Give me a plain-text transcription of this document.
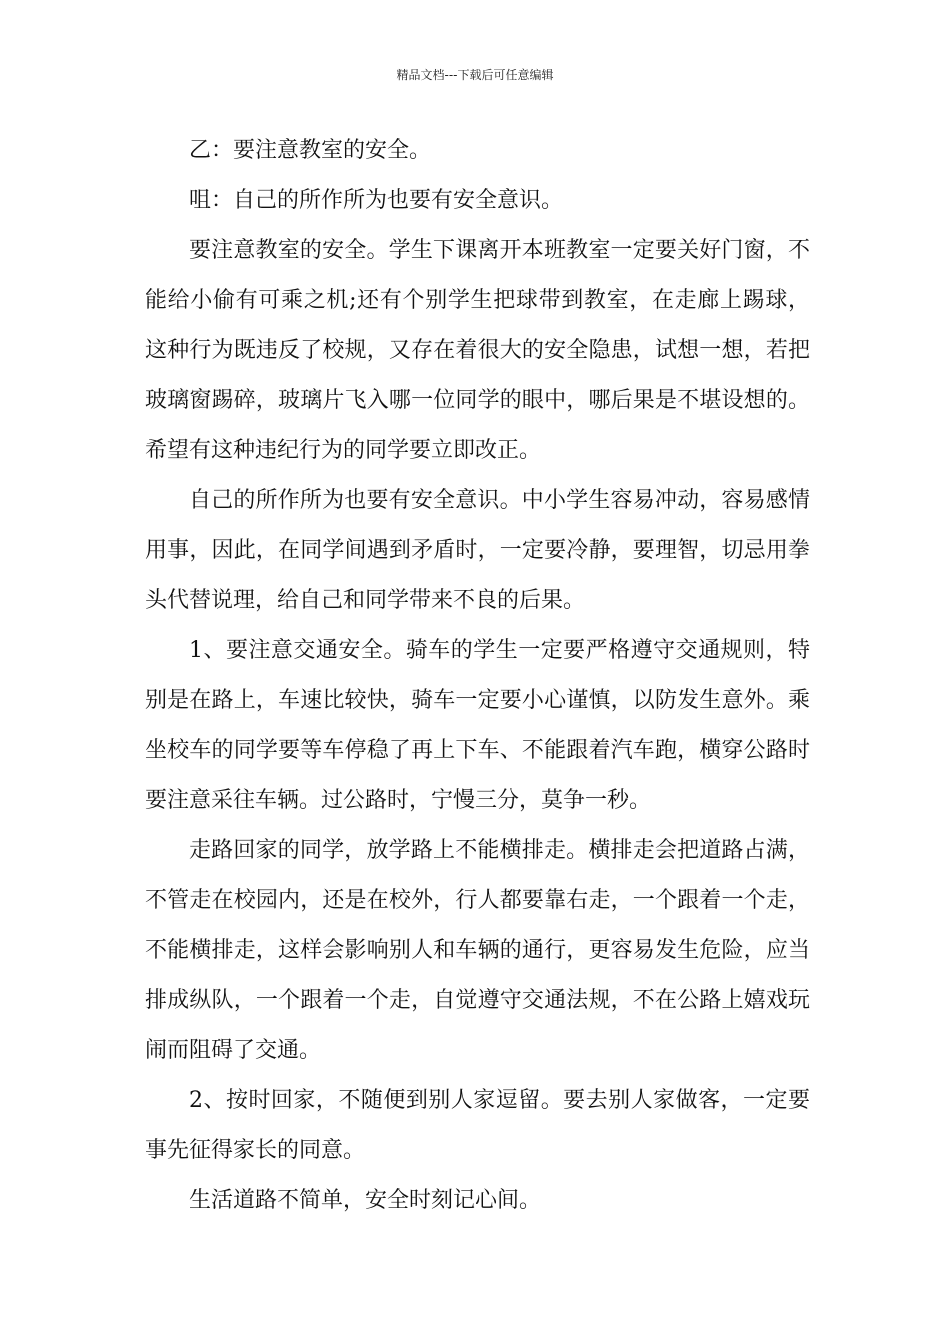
精品文档---下载后可任意编辑

乙：要注意教室的安全。

咀：自己的所作所为也要有安全意识。

要注意教室的安全。学生下课离开本班教室一定要关好门窗，不能给小偷有可乘之机;还有个别学生把球带到教室，在走廊上踢球，这种行为既违反了校规，又存在着很大的安全隐患，试想一想，若把玻璃窗踢碎，玻璃片飞入哪一位同学的眼中，哪后果是不堪设想的。希望有这种违纪行为的同学要立即改正。

自己的所作所为也要有安全意识。中小学生容易冲动，容易感情用事，因此，在同学间遇到矛盾时，一定要冷静，要理智，切忌用拳头代替说理，给自己和同学带来不良的后果。

1、要注意交通安全。骑车的学生一定要严格遵守交通规则，特别是在路上，车速比较快，骑车一定要小心谨慎，以防发生意外。乘坐校车的同学要等车停稳了再上下车、不能跟着汽车跑，横穿公路时要注意采往车辆。过公路时，宁慢三分，莫争一秒。

走路回家的同学，放学路上不能横排走。横排走会把道路占满，不管走在校园内，还是在校外，行人都要靠右走，一个跟着一个走，不能横排走，这样会影响别人和车辆的通行，更容易发生危险，应当排成纵队，一个跟着一个走，自觉遵守交通法规，不在公路上嬉戏玩闹而阻碍了交通。

2、按时回家，不随便到别人家逗留。要去别人家做客，一定要事先征得家长的同意。

生活道路不简单，安全时刻记心间。
